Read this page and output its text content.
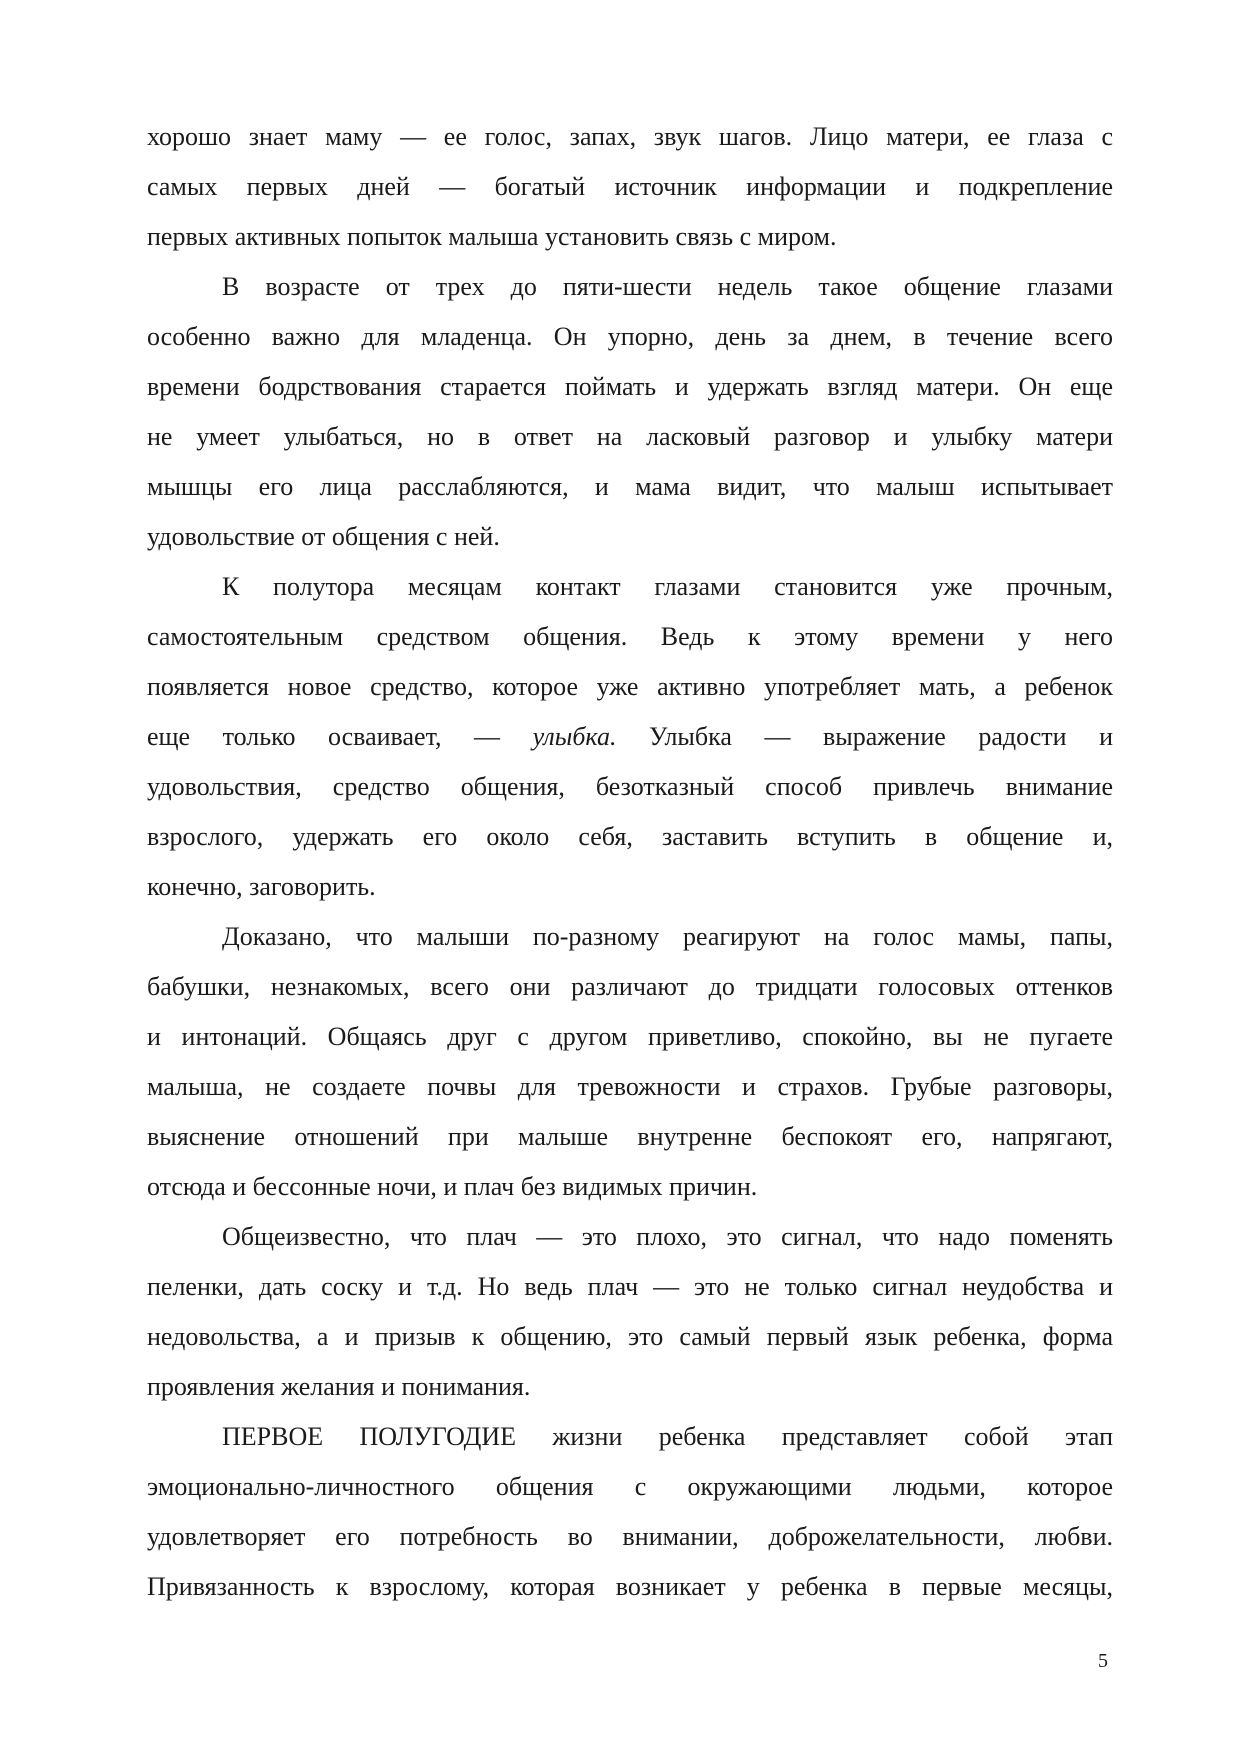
хорошо знает маму — ее голос, запах, звук шагов. Лицо матери, ее глаза с
самых первых дней — богатый источник информации и подкрепление
первых активных попыток малыша установить связь с миром.
В возрасте от трех до пяти-шести недель такое общение глазами
особенно важно для младенца. Он упорно, день за днем, в течение всего
времени бодрствования старается поймать и удержать взгляд матери. Он еще
не умеет улыбаться, но в ответ на ласковый разговор и улыбку матери
мышцы его лица расслабляются, и мама видит, что малыш испытывает
удовольствие от общения с ней.
К полутора месяцам контакт глазами становится уже прочным,
самостоятельным средством общения. Ведь к этому времени у него
появляется новое средство, которое уже активно употребляет мать, а ребенок
еще только осваивает, — улыбка. Улыбка — выражение радости и
удовольствия, средство общения, безотказный способ привлечь внимание
взрослого, удержать его около себя, заставить вступить в общение и,
конечно, заговорить.
Доказано, что малыши по-разному реагируют на голос мамы, папы,
бабушки, незнакомых, всего они различают до тридцати голосовых оттенков
и интонаций. Общаясь друг с другом приветливо, спокойно, вы не пугаете
малыша, не создаете почвы для тревожности и страхов. Грубые разговоры,
выяснение отношений при малыше внутренне беспокоят его, напрягают,
отсюда и бессонные ночи, и плач без видимых причин.
Общеизвестно, что плач — это плохо, это сигнал, что надо поменять
пеленки, дать соску и т.д. Но ведь плач — это не только сигнал неудобства и
недовольства, а и призыв к общению, это самый первый язык ребенка, форма
проявления желания и понимания.
ПЕРВОЕ ПОЛУГОДИЕ жизни ребенка представляет собой этап
эмоционально-личностного общения с окружающими людьми, которое
удовлетворяет его потребность во внимании, доброжелательности, любви.
Привязанность к взрослому, которая возникает у ребенка в первые месяцы,
5
